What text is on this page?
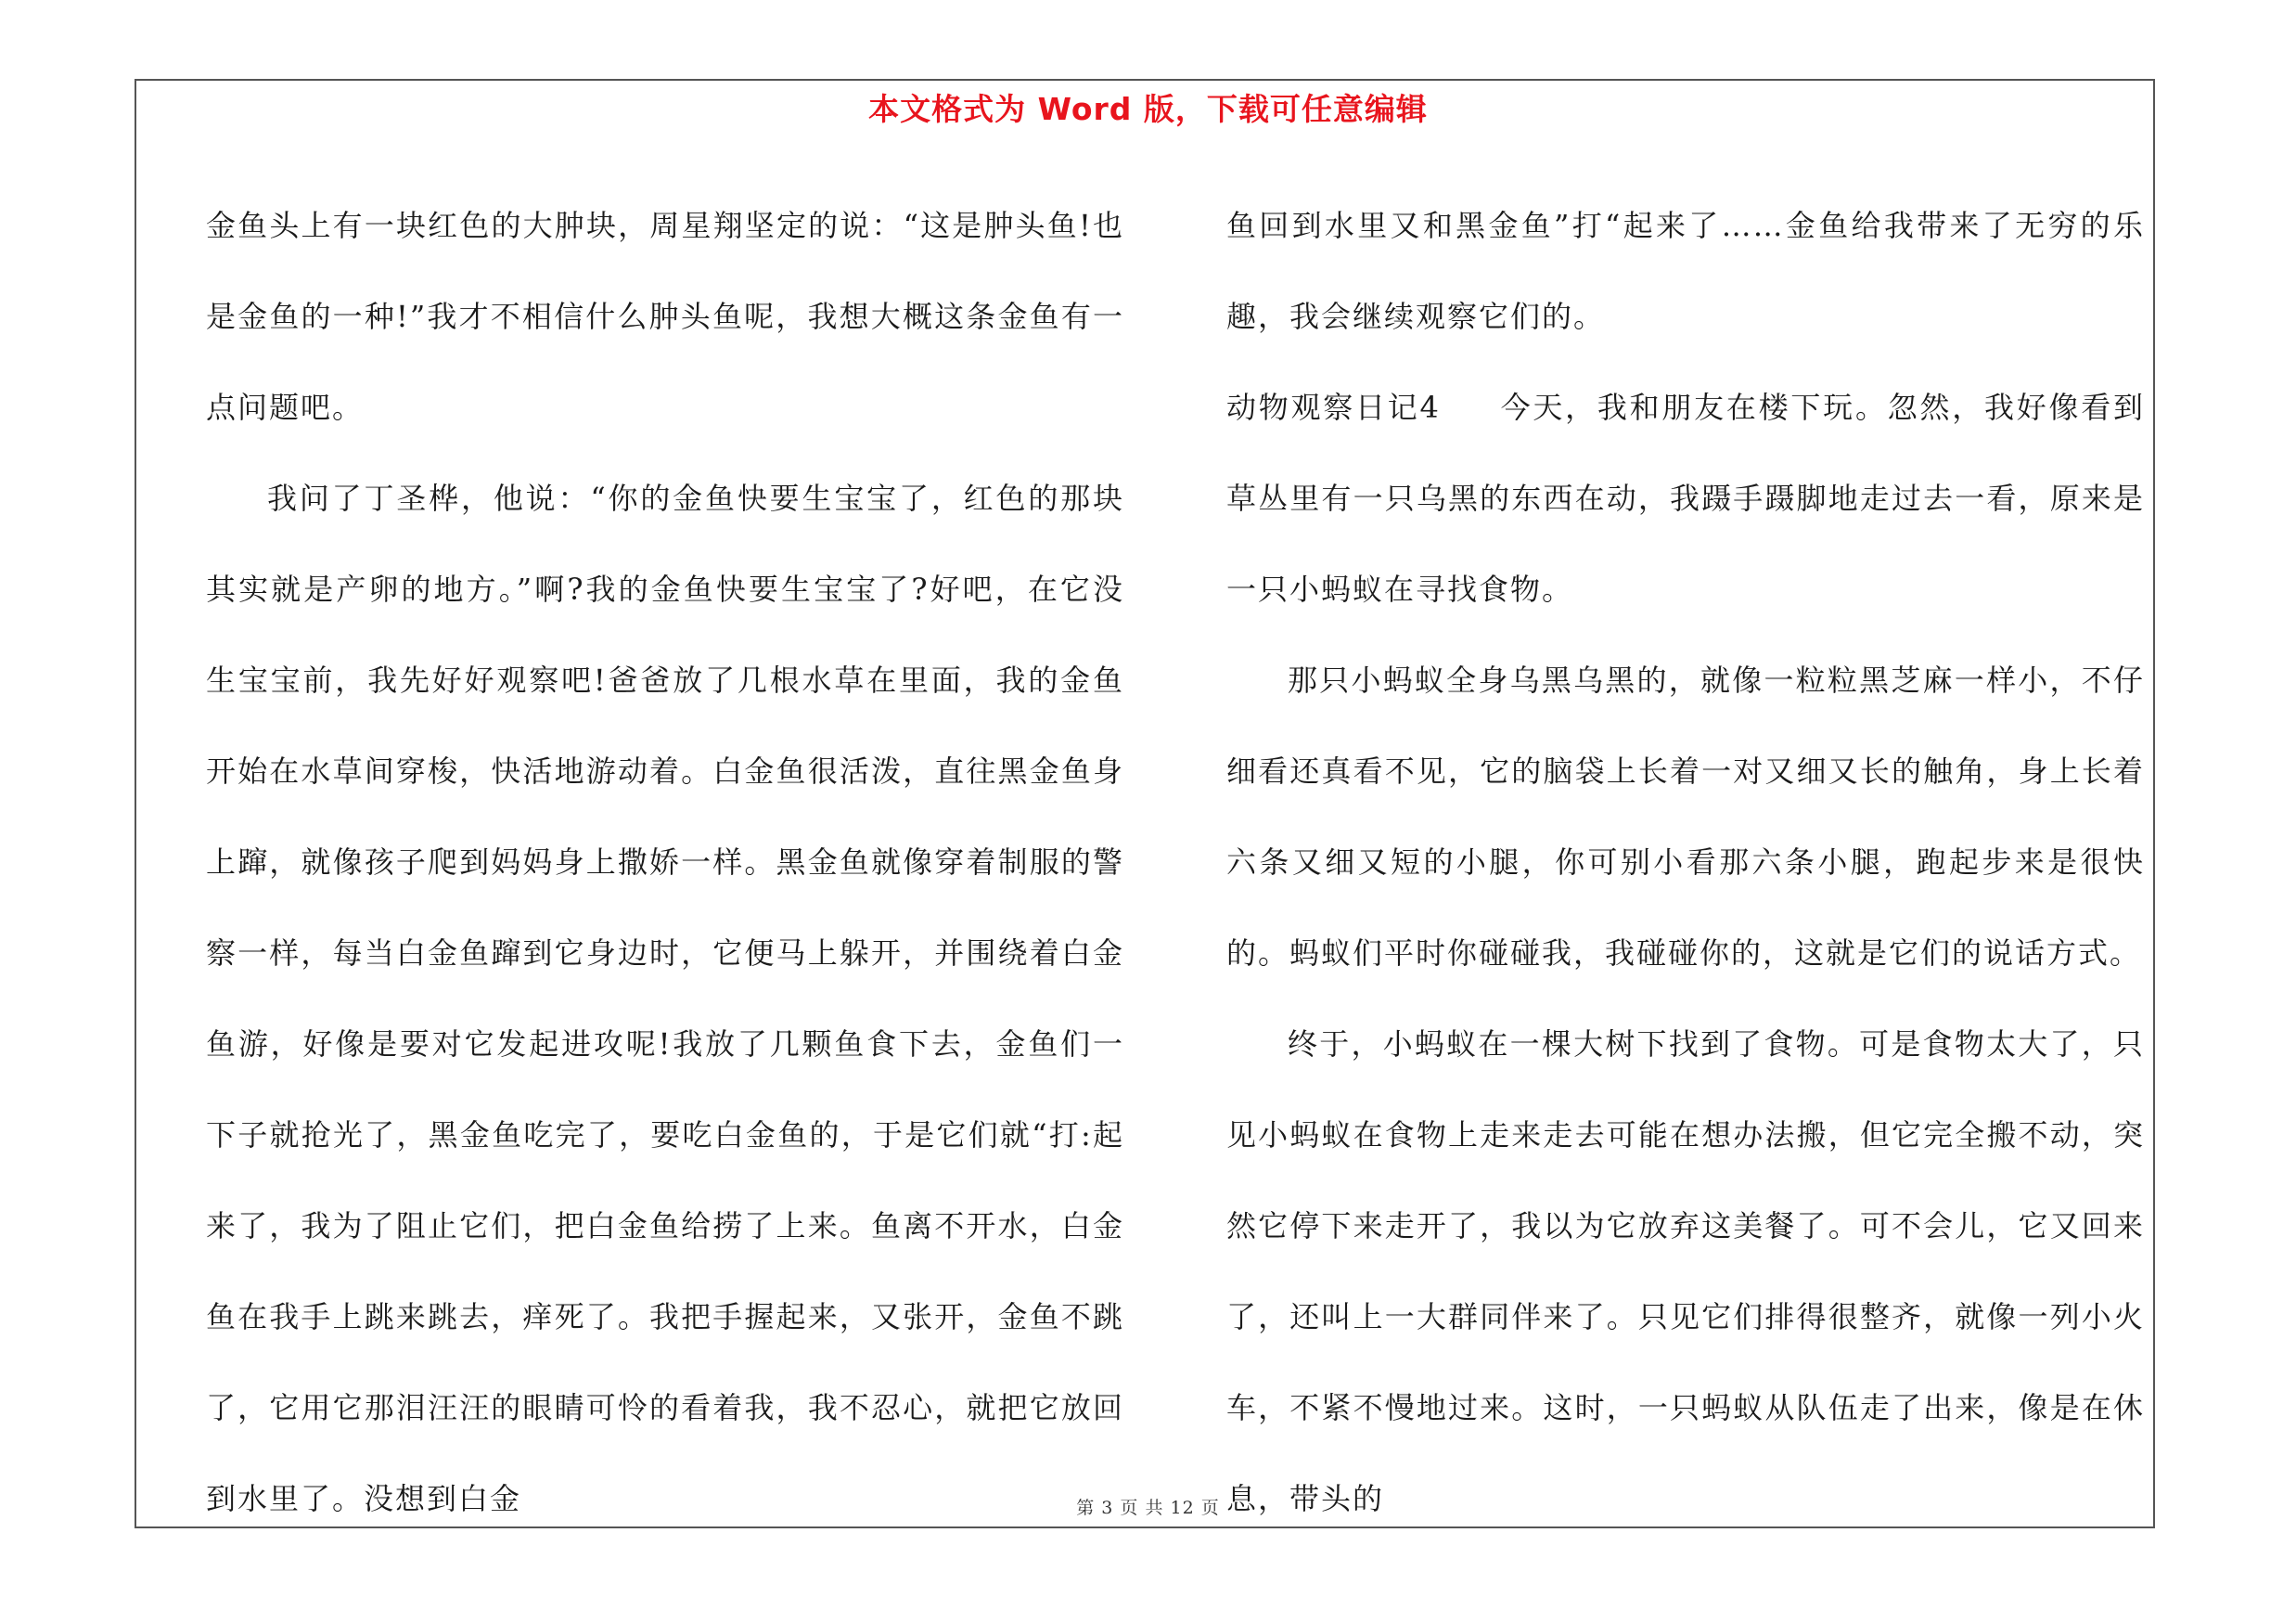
本文格式为 Word 版，下载可任意编辑

金鱼头上有一块红色的大肿块，周星翔坚定的说：“这是肿头鱼!也是金鱼的一种!”我才不相信什么肿头鱼呢，我想大概这条金鱼有一点问题吧。

我问了丁圣桦，他说：“你的金鱼快要生宝宝了，红色的那块其实就是产卵的地方。”啊?我的金鱼快要生宝宝了?好吧，在它没生宝宝前，我先好好观察吧!爸爸放了几根水草在里面，我的金鱼开始在水草间穿梭，快活地游动着。白金鱼很活泼，直往黑金鱼身上蹿，就像孩子爬到妈妈身上撒娇一样。黑金鱼就像穿着制服的警察一样，每当白金鱼蹿到它身边时，它便马上躲开，并围绕着白金鱼游，好像是要对它发起进攻呢!我放了几颗鱼食下去，金鱼们一下子就抢光了，黑金鱼吃完了，要吃白金鱼的，于是它们就“打:起来了，我为了阻止它们，把白金鱼给捞了上来。鱼离不开水，白金鱼在我手上跳来跳去，痒死了。我把手握起来，又张开，金鱼不跳了，它用它那泪汪汪的眼睛可怜的看着我，我不忍心，就把它放回到水里了。没想到白金

鱼回到水里又和黑金鱼”打“起来了……金鱼给我带来了无穷的乐趣，我会继续观察它们的。

动物观察日记4 今天，我和朋友在楼下玩。忽然，我好像看到草丛里有一只乌黑的东西在动，我蹑手蹑脚地走过去一看，原来是一只小蚂蚁在寻找食物。

那只小蚂蚁全身乌黑乌黑的，就像一粒粒黑芝麻一样小，不仔细看还真看不见，它的脑袋上长着一对又细又长的触角，身上长着六条又细又短的小腿，你可别小看那六条小腿，跑起步来是很快的。蚂蚁们平时你碰碰我，我碰碰你的，这就是它们的说话方式。

终于，小蚂蚁在一棵大树下找到了食物。可是食物太大了，只见小蚂蚁在食物上走来走去可能在想办法搬，但它完全搬不动，突然它停下来走开了，我以为它放弃这美餐了。可不会儿，它又回来了，还叫上一大群同伴来了。只见它们排得很整齐，就像一列小火车，不紧不慢地过来。这时，一只蚂蚁从队伍走了出来，像是在休息，带头的

第 3 页 共 12 页
